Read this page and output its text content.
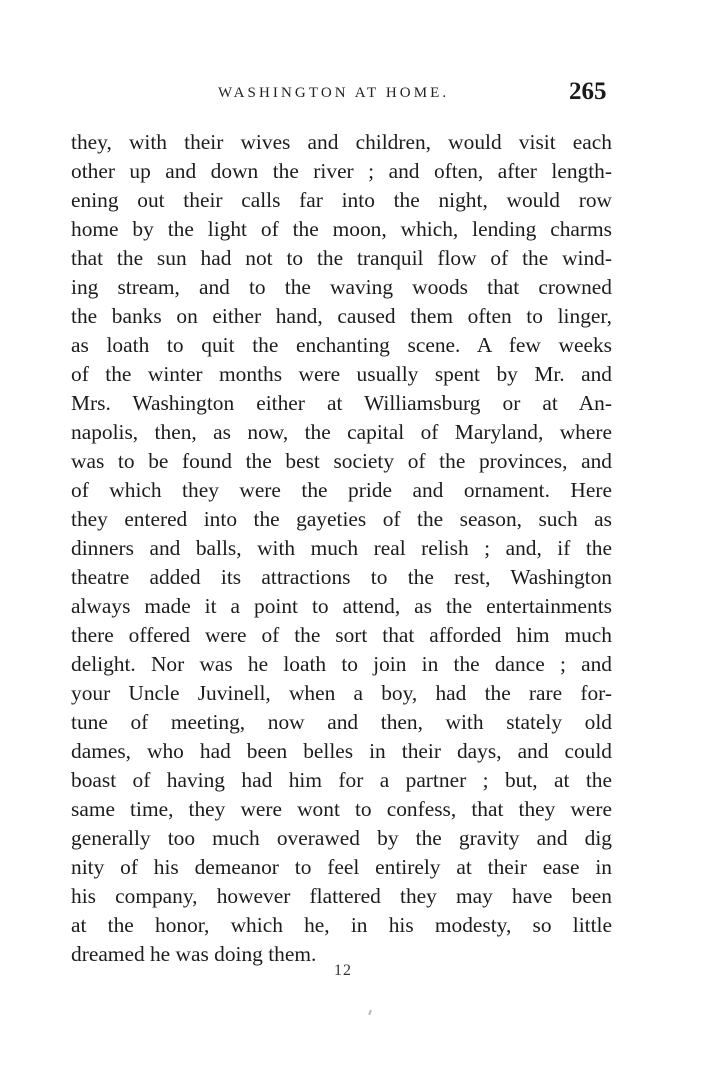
WASHINGTON AT HOME.	265
they, with their wives and children, would visit each
other up and down the river ; and often, after length-
ening out their calls far into the night, would row
home by the light of the moon, which, lending charms
that the sun had not to the tranquil flow of the wind-
ing stream, and to the waving woods that crowned
the banks on either hand, caused them often to linger,
as loath to quit the enchanting scene. A few weeks
of the winter months were usually spent by Mr. and
Mrs. Washington either at Williamsburg or at An-
napolis, then, as now, the capital of Maryland, where
was to be found the best society of the provinces, and
of which they were the pride and ornament. Here
they entered into the gayeties of the season, such as
dinners and balls, with much real relish ; and, if the
theatre added its attractions to the rest, Washington
always made it a point to attend, as the entertainments
there offered were of the sort that afforded him much
delight. Nor was he loath to join in the dance ; and
your Uncle Juvinell, when a boy, had the rare for-
tune of meeting, now and then, with stately old
dames, who had been belles in their days, and could
boast of having had him for a partner ; but, at the
same time, they were wont to confess, that they were
generally too much overawed by the gravity and dig
nity of his demeanor to feel entirely at their ease in
his company, however flattered they may have been
at the honor, which he, in his modesty, so little
dreamed he was doing them.
12
